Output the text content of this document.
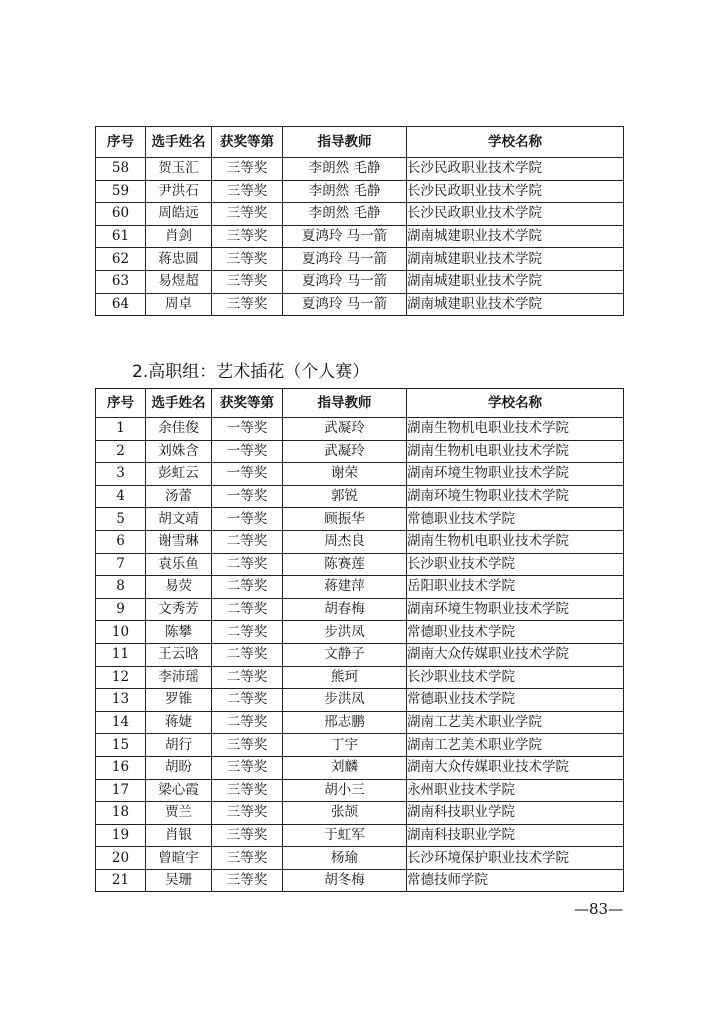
序号	选手姓名	获奖等第	指导教师	学校名称
58	贺玉汇	三等奖	李朗然 毛静	长沙民政职业技术学院
59	尹洪石	三等奖	李朗然 毛静	长沙民政职业技术学院
60	周皓远	三等奖	李朗然 毛静	长沙民政职业技术学院
61	肖剑	三等奖	夏鸿玲 马一箭	湖南城建职业技术学院
62	蒋忠圆	三等奖	夏鸿玲 马一箭	湖南城建职业技术学院
63	易煜超	三等奖	夏鸿玲 马一箭	湖南城建职业技术学院
64	周卓	三等奖	夏鸿玲 马一箭	湖南城建职业技术学院
2.高职组：艺术插花（个人赛）
序号	选手姓名	获奖等第	指导教师	学校名称
1	余佳俊	一等奖	武凝玲	湖南生物机电职业技术学院
2	刘姝含	一等奖	武凝玲	湖南生物机电职业技术学院
3	彭虹云	一等奖	谢荣	湖南环境生物职业技术学院
4	汤蕾	一等奖	郭锐	湖南环境生物职业技术学院
5	胡文靖	一等奖	顾振华	常德职业技术学院
6	谢雪琳	二等奖	周杰良	湖南生物机电职业技术学院
7	袁乐鱼	二等奖	陈赛莲	长沙职业技术学院
8	易荧	二等奖	蒋建萍	岳阳职业技术学院
9	文秀芳	二等奖	胡春梅	湖南环境生物职业技术学院
10	陈攀	二等奖	步洪凤	常德职业技术学院
11	王云晗	二等奖	文静子	湖南大众传媒职业技术学院
12	李沛瑶	二等奖	熊珂	长沙职业技术学院
13	罗锥	二等奖	步洪凤	常德职业技术学院
14	蒋婕	二等奖	邢志鹏	湖南工艺美术职业学院
15	胡行	三等奖	丁宇	湖南工艺美术职业学院
16	胡盼	三等奖	刘麟	湖南大众传媒职业技术学院
17	梁心霞	三等奖	胡小三	永州职业技术学院
18	贾兰	三等奖	张颉	湖南科技职业学院
19	肖银	三等奖	于虹军	湖南科技职业学院
20	曾暄宇	三等奖	杨瑜	长沙环境保护职业技术学院
21	吴珊	三等奖	胡冬梅	常德技师学院
—83—
